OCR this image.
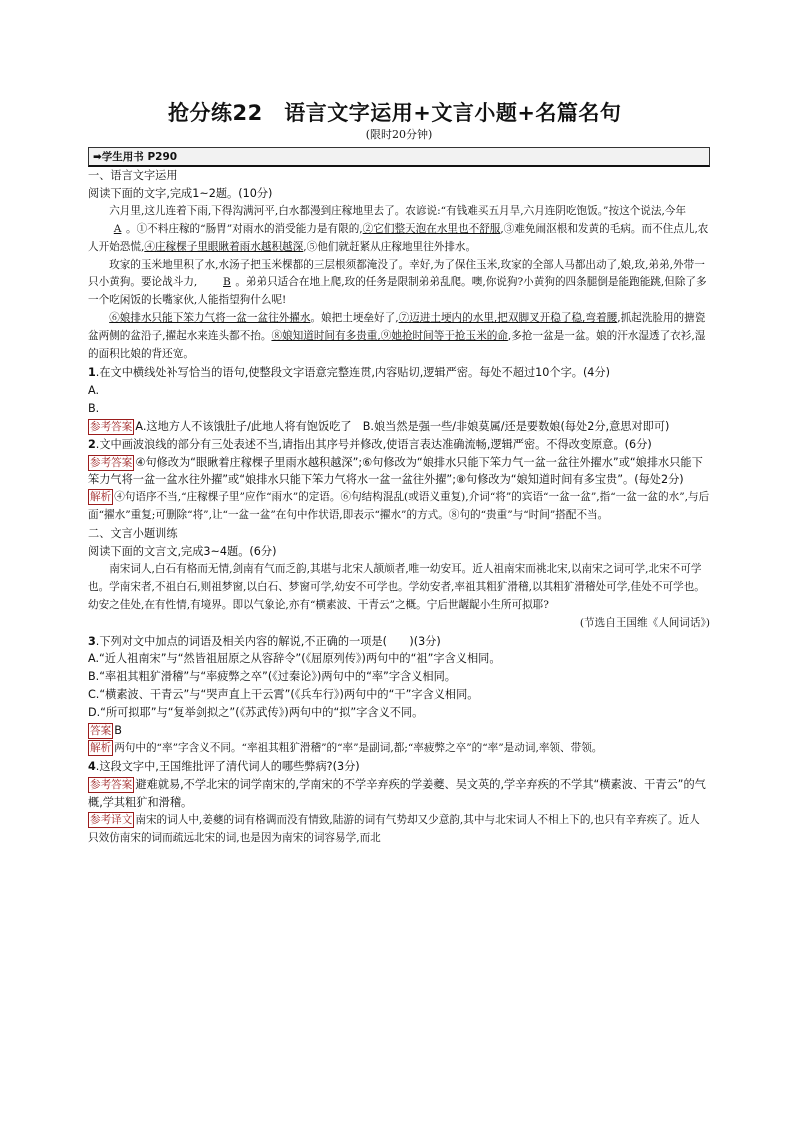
抢分练22　语言文字运用+文言小题+名篇名句
(限时20分钟)
➡学生用书 P290

一、语言文字运用

阅读下面的文字,完成1~2题。(10分)

六月里,这儿连着下雨,下得沟满河平,白水都漫到庄稼地里去了。农谚说:“有钱难买五月旱,六月连阴吃饱饭。”按这个说法,今年A 。①不料庄稼的“肠胃”对雨水的消受能力是有限的,②它们整天泡在水里也不舒服,③难免闹沤根和发黄的毛病。而不住点儿,农人开始恐慌,④庄稼棵子里眼瞅着雨水越积越深,⑤他们就赶紧从庄稼地里往外排水。

玫家的玉米地里积了水,水汤子把玉米棵都的三层根须都淹没了。幸好,为了保住玉米,玫家的全部人马都出动了,娘,玫,弟弟,外带一只小黄狗。要论战斗力, B 。弟弟只适合在地上爬,玫的任务是限制弟弟乱爬。噢,你说狗?小黄狗的四条腿倒是能跑能跳,但除了多一个吃闲饭的长嘴家伙,人能指望狗什么呢!

⑥娘排水只能下笨力气将一盆一盆往外擢水。娘把土埂垒好了,⑦迈进土埂内的水里,把双脚叉开稳了稳,弯着腰,抓起洗脸用的搪瓷盆两侧的盆沿子,擢起水来连头都不抬。⑧娘知道时间有多贵重,⑨她抢时间等于抢玉米的命,多抢一盆是一盆。娘的汗水湿透了衣衫,湿的面积比娘的背还宽。

1.在文中横线处补写恰当的语句,使整段文字语意完整连贯,内容贴切,逻辑严密。每处不超过10个字。(4分)

A.

B.

参考答案 A.这地方人不该饿肚子/此地人将有饱饭吃了　B.娘当然是强一些/非娘莫属/还是要数娘(每处2分,意思对即可)

2.文中画波浪线的部分有三处表述不当,请指出其序号并修改,使语言表达准确流畅,逻辑严密。不得改变原意。(6分)

参考答案 ④句修改为“眼瞅着庄稼棵子里雨水越积越深”;⑥句修改为“娘排水只能下笨力气一盆一盆往外擢水”或“娘排水只能下笨力气将一盆一盆水往外擢”或“娘排水只能下笨力气将水一盆一盆往外擢”;⑧句修改为“娘知道时间有多宝贵”。(每处2分)

解析 ④句语序不当,“庄稼棵子里”应作“雨水”的定语。⑥句结构混乱(或语义重复),介词“将”的宾语“一盆一盆”,指“一盆一盆的水”,与后面“擢水”重复;可删除“将”,让“一盆一盆”在句中作状语,即表示“擢水”的方式。⑧句的“贵重”与“时间”搭配不当。

二、文言小题训练

阅读下面的文言文,完成3~4题。(6分)

南宋词人,白石有格而无情,剑南有气而乏韵,其堪与北宋人颉颃者,唯一幼安耳。近人祖南宋而祧北宋,以南宋之词可学,北宋不可学也。学南宋者,不祖白石,则祖梦窗,以白石、梦窗可学,幼安不可学也。学幼安者,率祖其粗犷滑稽,以其粗犷滑稽处可学,佳处不可学也。幼安之佳处,在有性情,有境界。即以气象论,亦有“横素波、干青云”之概。宁后世龌龊小生所可拟耶?

(节选自王国维《人间词话》)

3.下列对文中加点的词语及相关内容的解说,不正确的一项是(　　)(3分)

A.“近人祖南宋”与“然皆祖屈原之从容辞令”(《屈原列传》)两句中的“祖”字含义相同。

B.“率祖其粗犷滑稽”与“率疲弊之卒”(《过秦论》)两句中的“率”字含义相同。

C.“横素波、干青云”与“哭声直上干云霄”(《兵车行》)两句中的“干”字含义相同。

D.“所可拟耶”与“复举剑拟之”(《苏武传》)两句中的“拟”字含义不同。

答案 B

解析 两句中的“率”字含义不同。“率祖其粗犷滑稽”的“率”是副词,都;“率疲弊之卒”的“率”是动词,率领、带领。

4.这段文字中,王国维批评了清代词人的哪些弊病?(3分)

参考答案 避难就易,不学北宋的词学南宋的,学南宋的不学辛弃疾的学姜夔、吴文英的,学辛弃疾的不学其“横素波、干青云”的气概,学其粗犷和滑稽。

参考译文 南宋的词人中,姜夔的词有格调而没有情致,陆游的词有气势却又少意韵,其中与北宋词人不相上下的,也只有辛弃疾了。近人只效仿南宋的词而疏远北宋的词,也是因为南宋的词容易学,而北
